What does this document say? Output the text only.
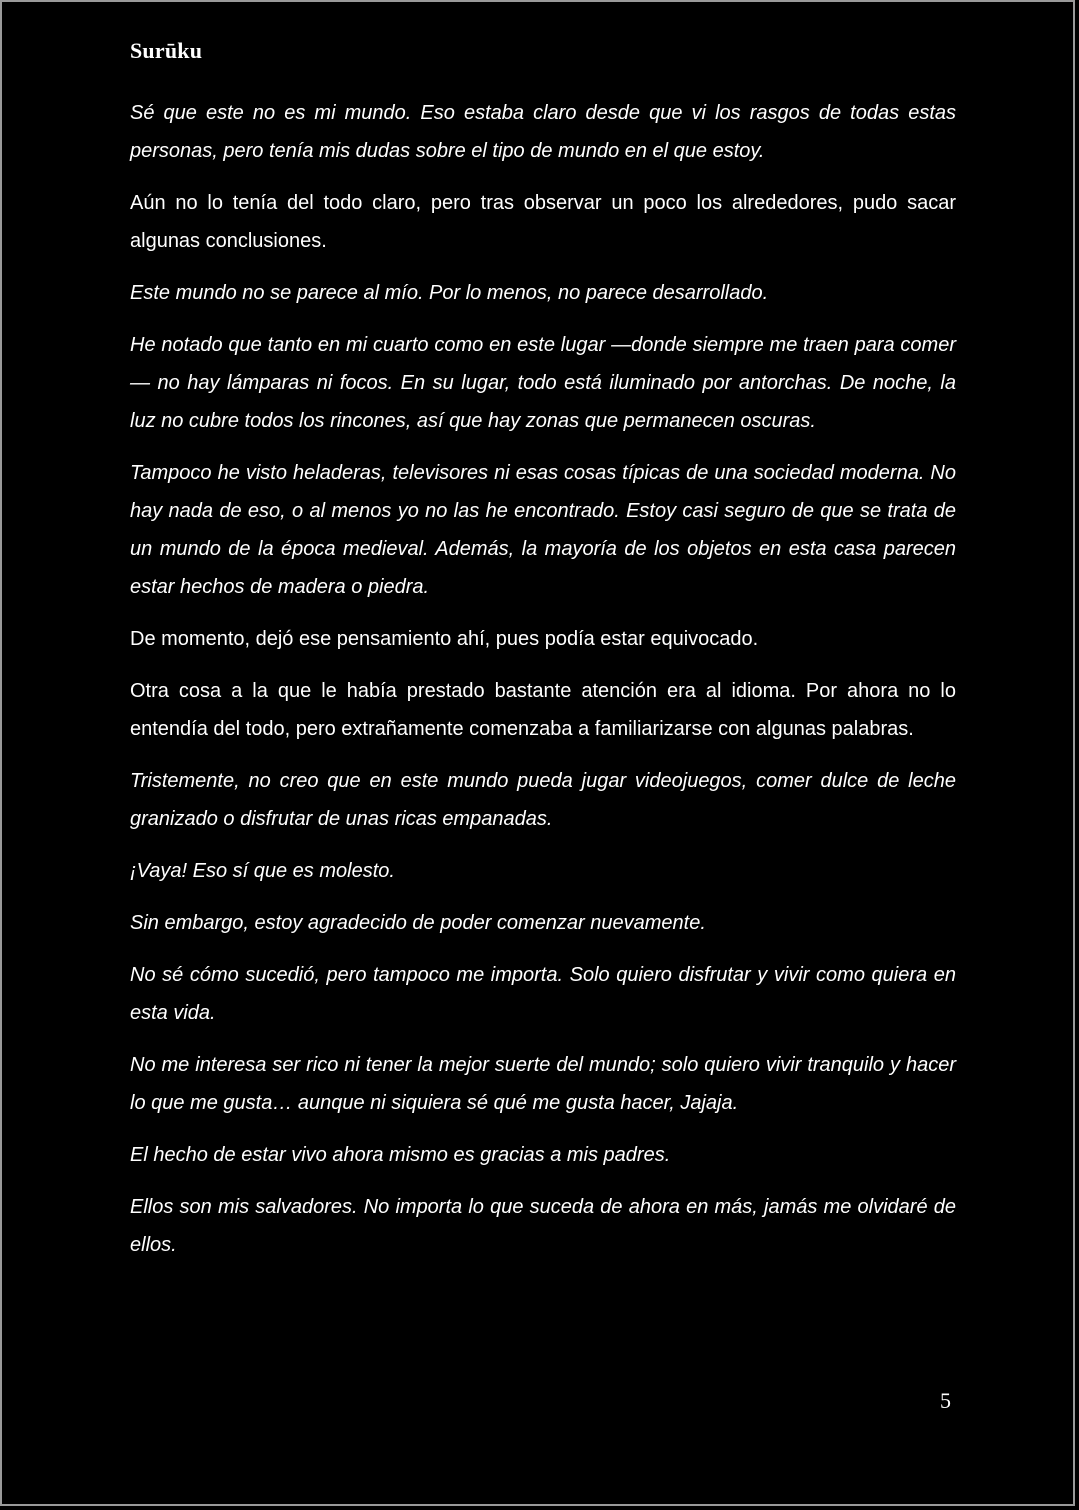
Surūku

Sé que este no es mi mundo. Eso estaba claro desde que vi los rasgos de todas estas personas, pero tenía mis dudas sobre el tipo de mundo en el que estoy.

Aún no lo tenía del todo claro, pero tras observar un poco los alrededores, pudo sacar algunas conclusiones.

Este mundo no se parece al mío. Por lo menos, no parece desarrollado.

He notado que tanto en mi cuarto como en este lugar —donde siempre me traen para comer— no hay lámparas ni focos. En su lugar, todo está iluminado por antorchas. De noche, la luz no cubre todos los rincones, así que hay zonas que permanecen oscuras.

Tampoco he visto heladeras, televisores ni esas cosas típicas de una sociedad moderna. No hay nada de eso, o al menos yo no las he encontrado. Estoy casi seguro de que se trata de un mundo de la época medieval. Además, la mayoría de los objetos en esta casa parecen estar hechos de madera o piedra.

De momento, dejó ese pensamiento ahí, pues podía estar equivocado.

Otra cosa a la que le había prestado bastante atención era al idioma. Por ahora no lo entendía del todo, pero extrañamente comenzaba a familiarizarse con algunas palabras.

Tristemente, no creo que en este mundo pueda jugar videojuegos, comer dulce de leche granizado o disfrutar de unas ricas empanadas.

¡Vaya! Eso sí que es molesto.

Sin embargo, estoy agradecido de poder comenzar nuevamente.

No sé cómo sucedió, pero tampoco me importa. Solo quiero disfrutar y vivir como quiera en esta vida.

No me interesa ser rico ni tener la mejor suerte del mundo; solo quiero vivir tranquilo y hacer lo que me gusta… aunque ni siquiera sé qué me gusta hacer, Jajaja.

El hecho de estar vivo ahora mismo es gracias a mis padres.

Ellos son mis salvadores. No importa lo que suceda de ahora en más, jamás me olvidaré de ellos.

5
